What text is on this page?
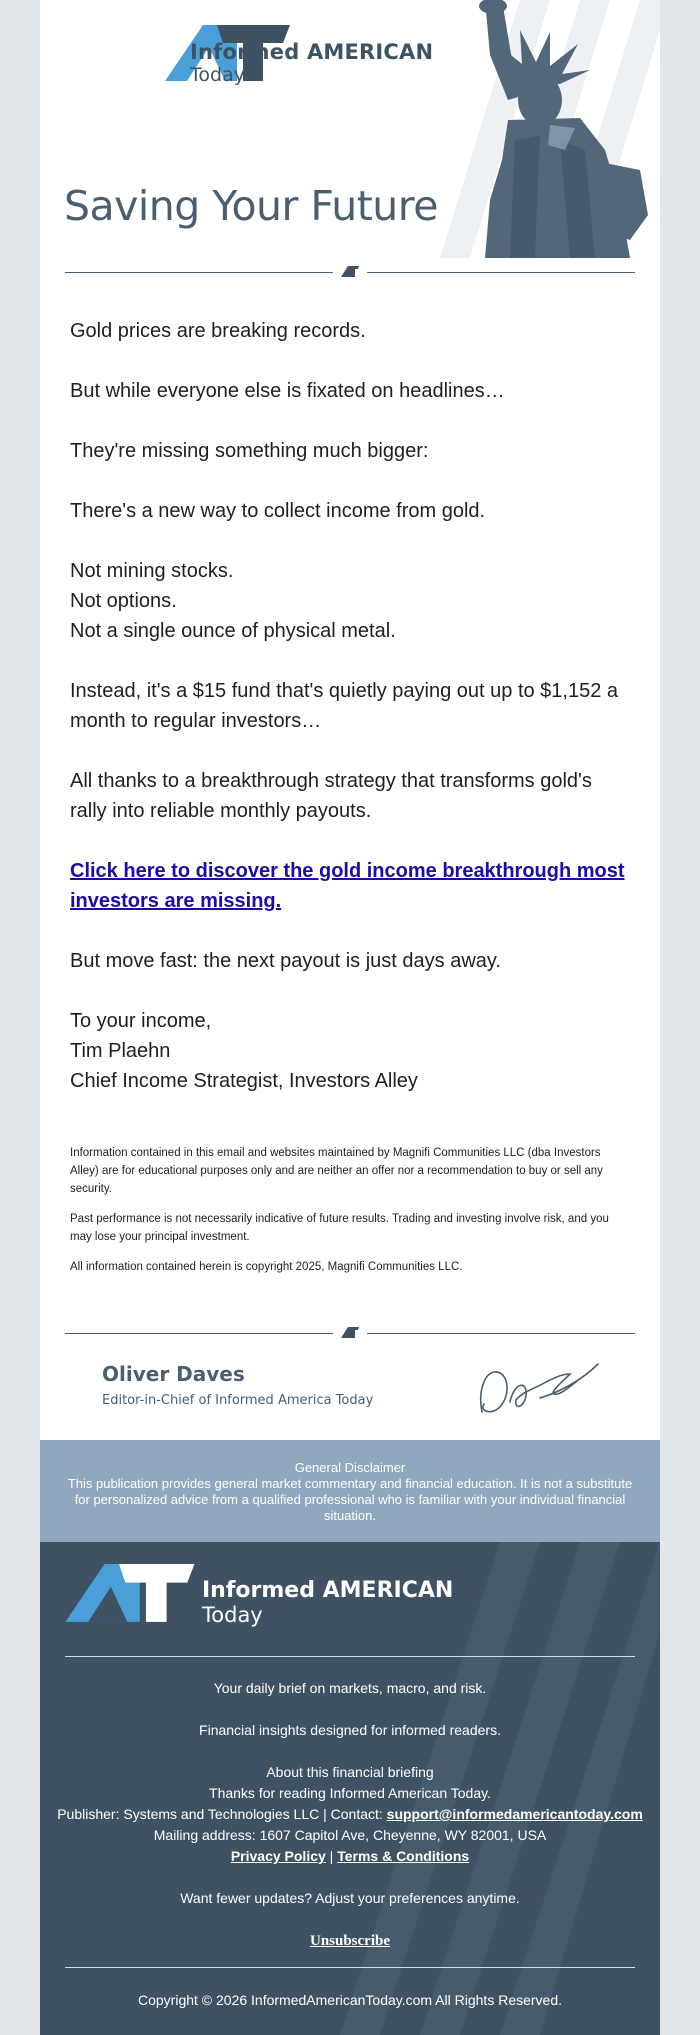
Informed AMERICAN
Today
Saving Your Future

Gold prices are breaking records.

But while everyone else is fixated on headlines…

They're missing something much bigger:

There's a new way to collect income from gold.

Not mining stocks.
Not options.
Not a single ounce of physical metal.

Instead, it's a $15 fund that's quietly paying out up to $1,152 a month to regular investors…

All thanks to a breakthrough strategy that transforms gold's rally into reliable monthly payouts.

Click here to discover the gold income breakthrough most investors are missing.

But move fast: the next payout is just days away.

To your income,
Tim Plaehn
Chief Income Strategist, Investors Alley

Information contained in this email and websites maintained by Magnifi Communities LLC (dba Investors Alley) are for educational purposes only and are neither an offer nor a recommendation to buy or sell any security.

Past performance is not necessarily indicative of future results. Trading and investing involve risk, and you may lose your principal investment.

All information contained herein is copyright 2025, Magnifi Communities LLC.

Oliver Daves
Editor-in-Chief of Informed America Today
General Disclaimer
This publication provides general market commentary and financial education. It is not a substitute for personalized advice from a qualified professional who is familiar with your individual financial situation.
Informed AMERICAN
Today
Your daily brief on markets, macro, and risk.
Financial insights designed for informed readers.
About this financial briefing
Thanks for reading Informed American Today.
Publisher: Systems and Technologies LLC | Contact: support@informedamericantoday.com
Mailing address: 1607 Capitol Ave, Cheyenne, WY 82001, USA
Privacy Policy | Terms & Conditions
Want fewer updates? Adjust your preferences anytime.
Unsubscribe
Copyright © 2026 InformedAmericanToday.com All Rights Reserved.
